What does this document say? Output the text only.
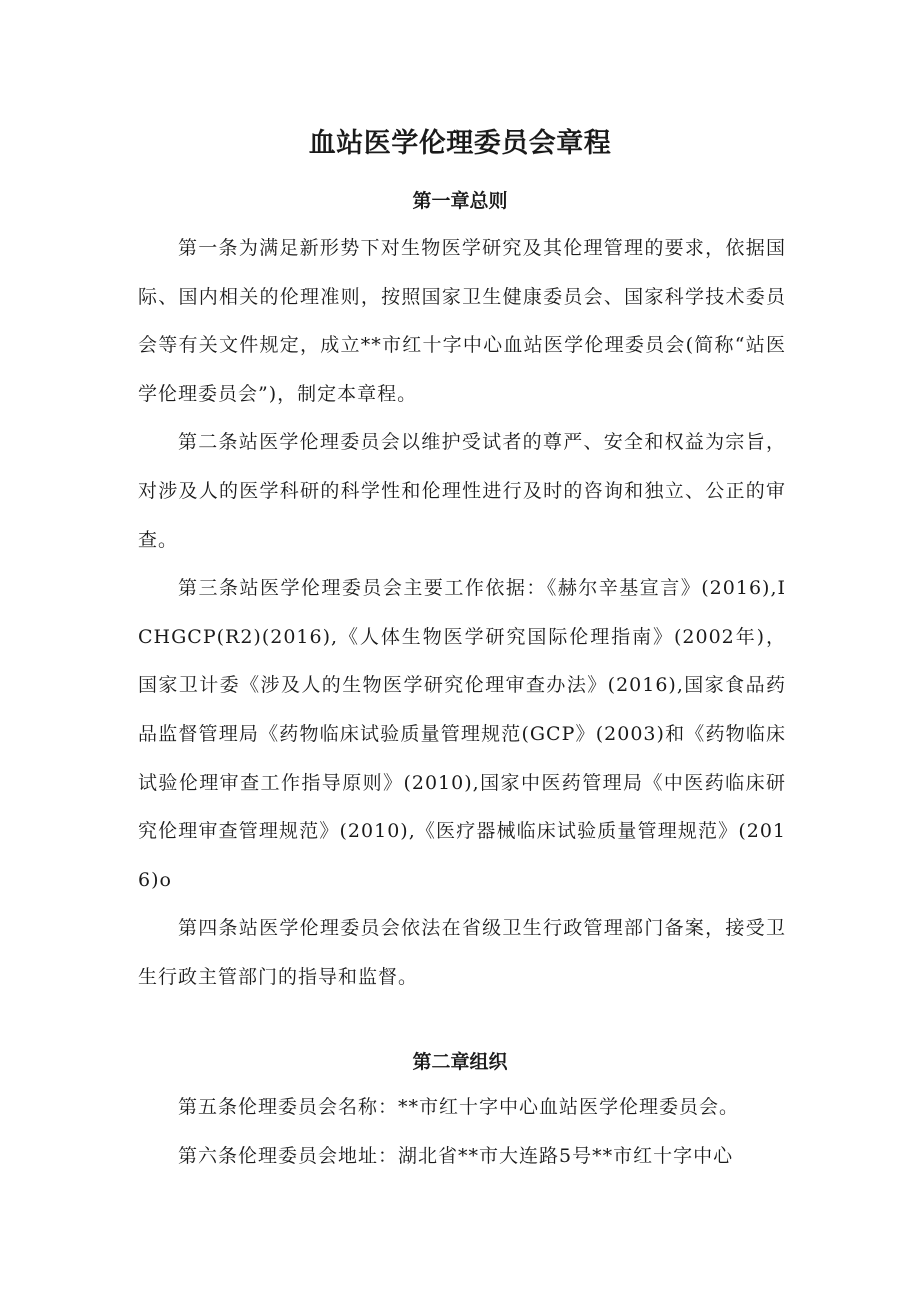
血站医学伦理委员会章程
第一章总则

第一条为满足新形势下对生物医学研究及其伦理管理的要求，依据国际、国内相关的伦理准则，按照国家卫生健康委员会、国家科学技术委员会等有关文件规定，成立**市红十字中心血站医学伦理委员会(简称“站医学伦理委员会”)，制定本章程。

第二条站医学伦理委员会以维护受试者的尊严、安全和权益为宗旨，对涉及人的医学科研的科学性和伦理性进行及时的咨询和独立、公正的审查。

第三条站医学伦理委员会主要工作依据：《赫尔辛基宣言》(2016),ICHGCP(R2)(2016),《人体生物医学研究国际伦理指南》(2002年)，国家卫计委《涉及人的生物医学研究伦理审查办法》(2016),国家食品药品监督管理局《药物临床试验质量管理规范(GCP》(2003)和《药物临床试验伦理审查工作指导原则》(2010),国家中医药管理局《中医药临床研究伦理审查管理规范》(2010),《医疗器械临床试验质量管理规范》(2016)o

第四条站医学伦理委员会依法在省级卫生行政管理部门备案，接受卫生行政主管部门的指导和监督。

第二章组织

第五条伦理委员会名称：**市红十字中心血站医学伦理委员会。

第六条伦理委员会地址：湖北省**市大连路5号**市红十字中心
